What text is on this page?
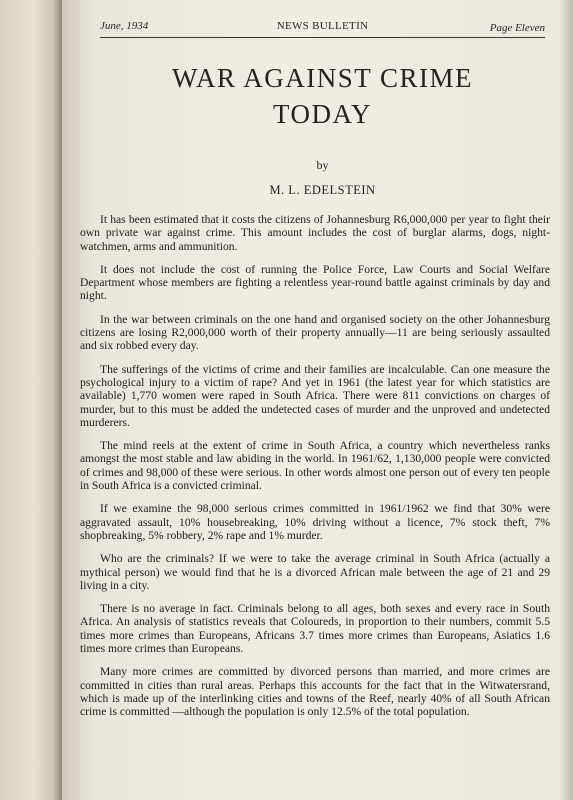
June, 1934	NEWS BULLETIN	Page Eleven
WAR AGAINST CRIME
TODAY
by
M. L. EDELSTEIN

It has been estimated that it costs the citizens of Johannesburg R6,000,000 per year to fight their own private war against crime. This amount includes the cost of burglar alarms, dogs, night-watchmen, arms and ammunition.

It does not include the cost of running the Police Force, Law Courts and Social Welfare Department whose members are fighting a relentless year-round battle against criminals by day and night.

In the war between criminals on the one hand and organised society on the other Johannesburg citizens are losing R2,000,000 worth of their property annually—11 are being seriously assaulted and six robbed every day.

The sufferings of the victims of crime and their families are incalculable. Can one measure the psychological injury to a victim of rape? And yet in 1961 (the latest year for which statistics are available) 1,770 women were raped in South Africa. There were 811 convictions on charges of murder, but to this must be added the undetected cases of murder and the unproved and undetected murderers.

The mind reels at the extent of crime in South Africa, a country which nevertheless ranks amongst the most stable and law abiding in the world. In 1961/62, 1,130,000 people were convicted of crimes and 98,000 of these were serious. In other words almost one person out of every ten people in South Africa is a convicted criminal.

If we examine the 98,000 serious crimes committed in 1961/1962 we find that 30% were aggravated assault, 10% housebreaking, 10% driving without a licence, 7% stock theft, 7% shopbreaking, 5% robbery, 2% rape and 1% murder.

Who are the criminals? If we were to take the average criminal in South Africa (actually a mythical person) we would find that he is a divorced African male between the age of 21 and 29 living in a city.

There is no average in fact. Criminals belong to all ages, both sexes and every race in South Africa. An analysis of statistics reveals that Coloureds, in proportion to their numbers, commit 5.5 times more crimes than Europeans, Africans 3.7 times more crimes than Europeans, Asiatics 1.6 times more crimes than Europeans.

Many more crimes are committed by divorced persons than married, and more crimes are committed in cities than rural areas. Perhaps this accounts for the fact that in the Witwatersrand, which is made up of the interlinking cities and towns of the Reef, nearly 40% of all South African crime is committed —although the population is only 12.5% of the total population.
